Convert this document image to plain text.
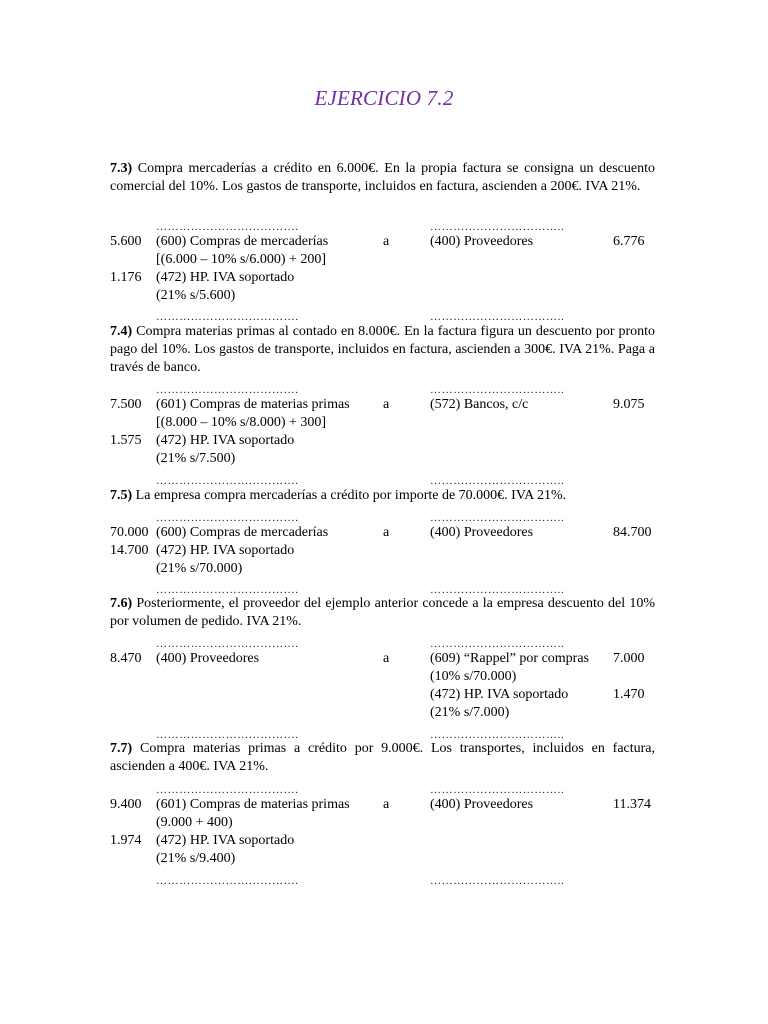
EJERCICIO 7.2
7.3) Compra mercaderías a crédito en 6.000€. En la propia factura se consigna un descuento comercial del 10%. Los gastos de transporte, incluidos en factura, ascienden a 200€. IVA 21%.
……………………………….	……………………………..
……………………………….	……………………………..
5.600 (600) Compras de mercaderías	a	(400) Proveedores	6.776
[(6.000 – 10% s/6.000) + 200]
1.176 (472) HP. IVA soportado
(21% s/5.600)
7.4) Compra materias primas al contado en 8.000€. En la factura figura un descuento por pronto pago del 10%. Los gastos de transporte, incluidos en factura, ascienden a 300€. IVA 21%. Paga a través de banco.
……………………………….	……………………………..
……………………………….	……………………………..
7.500 (601) Compras de materias primas a	(572) Bancos, c/c	9.075
[(8.000 – 10% s/8.000) + 300]
1.575 (472) HP. IVA soportado
(21% s/7.500)
7.5) La empresa compra mercaderías a crédito por importe de 70.000€. IVA 21%.
……………………………….	……………………………..
……………………………….	……………………………..
70.000 (600) Compras de mercaderías	a	(400) Proveedores	84.700
14.700 (472) HP. IVA soportado
(21% s/70.000)
7.6) Posteriormente, el proveedor del ejemplo anterior concede a la empresa descuento del 10% por volumen de pedido. IVA 21%.
……………………………….	……………………………..
……………………………….	……………………………..
8.470 (400) Proveedores	a	(609) “Rappel” por compras 7.000
(10% s/70.000)
(472) HP. IVA soportado	1.470
(21% s/7.000)
7.7) Compra materias primas a crédito por 9.000€. Los transportes, incluidos en factura, ascienden a 400€. IVA 21%.
……………………………….	……………………………..
……………………………….	……………………………..
9.400 (601) Compras de materias primas a	(400) Proveedores	11.374
(9.000 + 400)
1.974 (472) HP. IVA soportado
(21% s/9.400)
